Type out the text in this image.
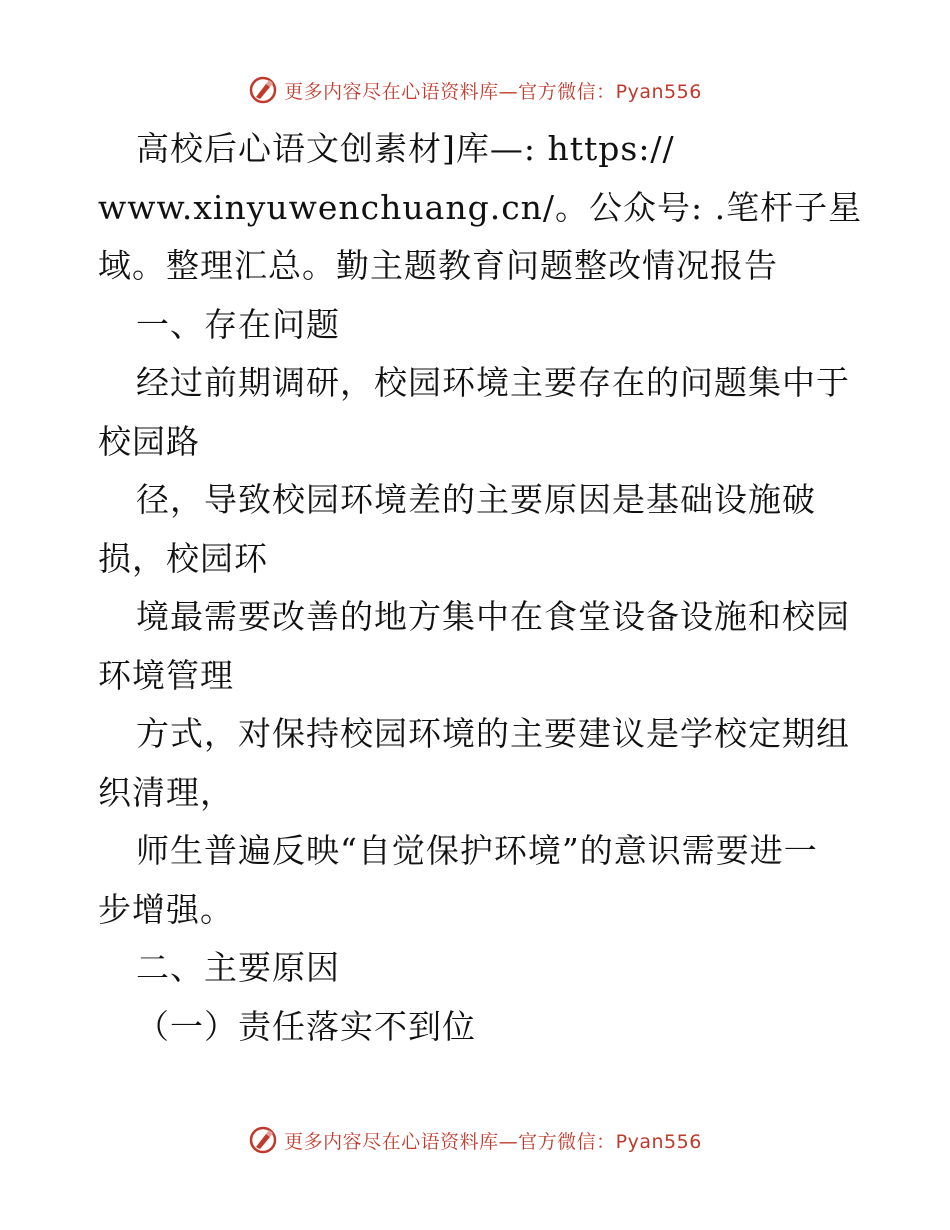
更多内容尽在心语资料库—官方微信：Pyan556
高校后心语文创素材]库—: https://
www.xinyuwenchuang.cn/。公众号: .笔杆子星
域。整理汇总。勤主题教育问题整改情况报告
一、存在问题
经过前期调研，校园环境主要存在的问题集中于
校园路
径，导致校园环境差的主要原因是基础设施破
损，校园环
境最需要改善的地方集中在食堂设备设施和校园
环境管理
方式，对保持校园环境的主要建议是学校定期组
织清理，
师生普遍反映“自觉保护环境”的意识需要进一
步增强。
二、主要原因
（一）责任落实不到位
更多内容尽在心语资料库—官方微信：Pyan556
